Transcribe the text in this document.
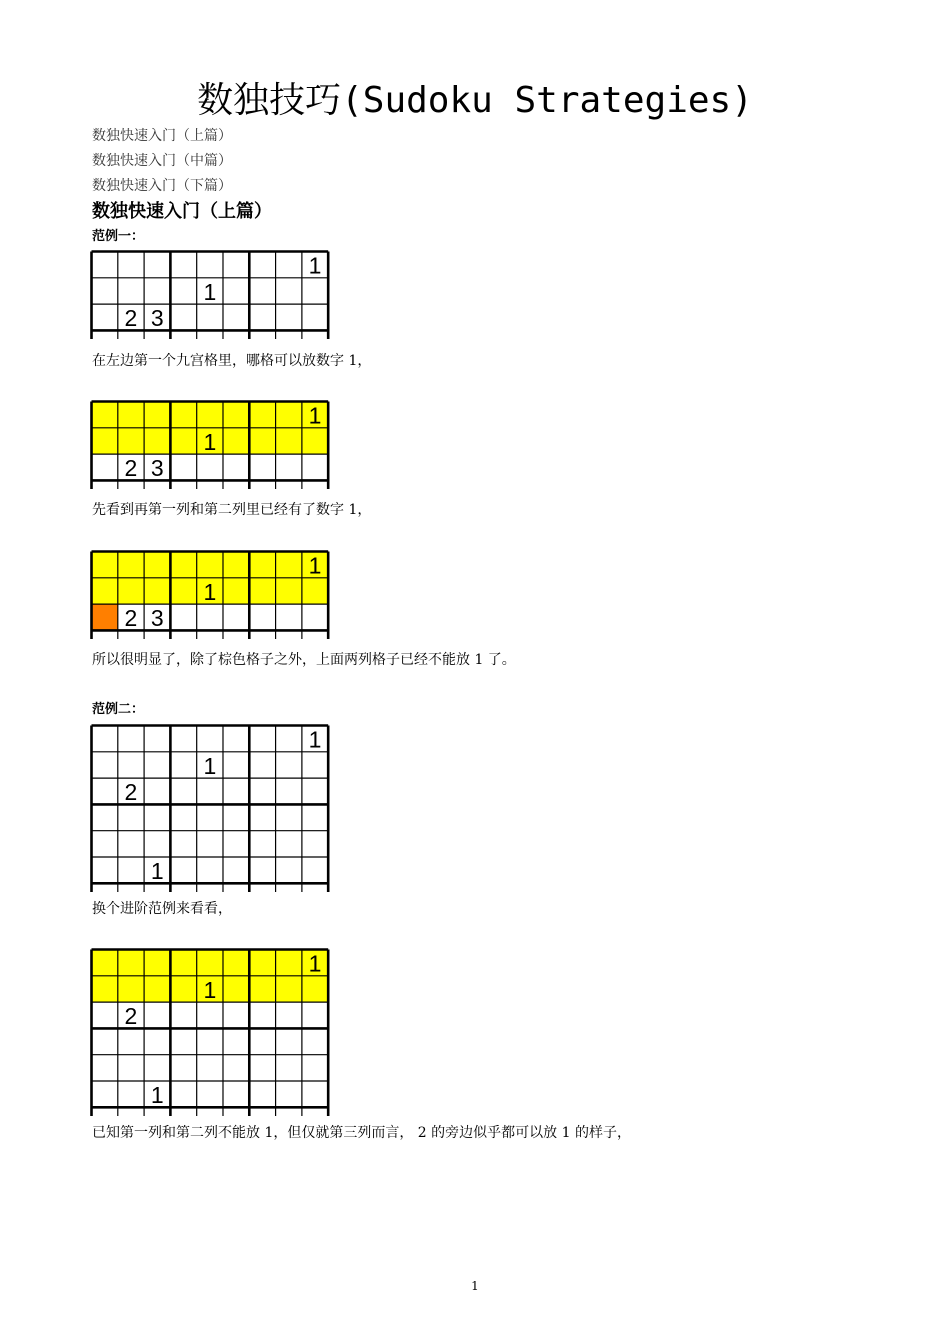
数独技巧(Sudoku Strategies)
数独快速入门（上篇）
数独快速入门（中篇）
数独快速入门（下篇）
数独快速入门（上篇）
范例一：
1
1
2 3
在左边第一个九宫格里，哪格可以放数字 1，
1
1
2 3
先看到再第一列和第二列里已经有了数字 1，
1
1
2 3
所以很明显了，除了棕色格子之外，上面两列格子已经不能放 1 了。
范例二：
1
1
2
1
换个进阶范例来看看，
1
1
2
1
已知第一列和第二列不能放 1，但仅就第三列而言， 2 的旁边似乎都可以放 1 的样子，
1
